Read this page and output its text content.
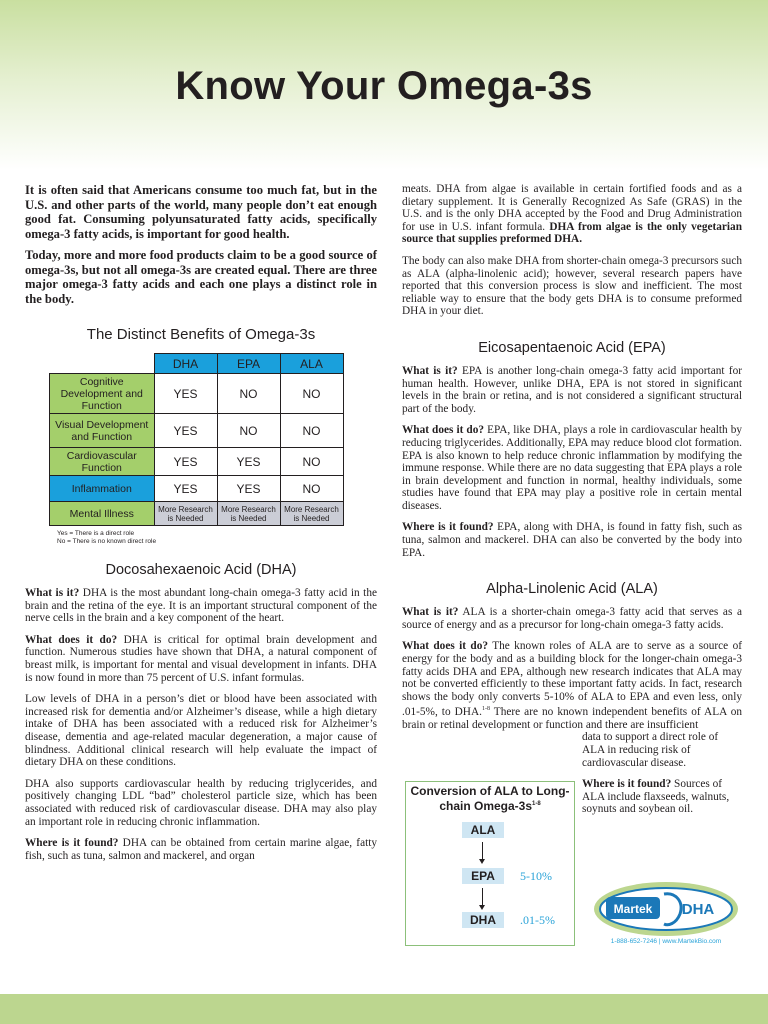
Know Your Omega-3s

It is often said that Americans consume too much fat, but in the U.S. and other parts of the world, many people don’t eat enough good fat. Consuming polyunsaturated fatty acids, specifically omega-3 fatty acids, is important for good health.

Today, more and more food products claim to be a good source of omega-3s, but not all omega-3s are created equal. There are three major omega-3 fatty acids and each one plays a distinct role in the body.

The Distinct Benefits of Omega-3s
	DHA	EPA	ALA
Cognitive Development and Function	YES	NO	NO
Visual Development and Function	YES	NO	NO
Cardiovascular Function	YES	YES	NO
Inflammation	YES	YES	NO
Mental Illness	More Research is Needed	More Research is Needed	More Research is Needed
Yes = There is a direct role
No = There is no known direct role
Docosahexaenoic Acid (DHA)

What is it? DHA is the most abundant long-chain omega-3 fatty acid in the brain and the retina of the eye. It is an important structural component of the nerve cells in the brain and a key component of the heart.

What does it do? DHA is critical for optimal brain development and function. Numerous studies have shown that DHA, a natural component of breast milk, is important for mental and visual development in infants. DHA is now found in more than 75 percent of U.S. infant formulas.

Low levels of DHA in a person’s diet or blood have been associated with increased risk for dementia and/or Alzheimer’s disease, while a high dietary intake of DHA has been associated with a reduced risk for Alzheimer’s disease, dementia and age-related macular degeneration, a major cause of blindness. Additional clinical research will help evaluate the impact of dietary DHA on these conditions.

DHA also supports cardiovascular health by reducing triglycerides, and positively changing LDL “bad” cholesterol particle size, which has been associated with reduced risk of cardiovascular disease. DHA may also play an important role in reducing chronic inflammation.

Where is it found? DHA can be obtained from certain marine algae, fatty fish, such as tuna, salmon and mackerel, and organ

meats. DHA from algae is available in certain fortified foods and as a dietary supplement. It is Generally Recognized As Safe (GRAS) in the U.S. and is the only DHA accepted by the Food and Drug Administration for use in U.S. infant formula. DHA from algae is the only vegetarian source that supplies preformed DHA.

The body can also make DHA from shorter-chain omega-3 precursors such as ALA (alpha-linolenic acid); however, several research papers have reported that this conversion process is slow and inefficient. The most reliable way to ensure that the body gets DHA is to consume preformed DHA in your diet.

Eicosapentaenoic Acid (EPA)

What is it? EPA is another long-chain omega-3 fatty acid important for human health. However, unlike DHA, EPA is not stored in significant levels in the brain or retina, and is not considered a significant structural part of the body.

What does it do? EPA, like DHA, plays a role in cardiovascular health by reducing triglycerides. Additionally, EPA may reduce blood clot formation. EPA is also known to help reduce chronic inflammation by modifying the immune response. While there are no data suggesting that EPA plays a role in brain development and function in normal, healthy individuals, some studies have found that EPA may play a positive role in certain mental diseases.

Where is it found? EPA, along with DHA, is found in fatty fish, such as tuna, salmon and mackerel. DHA can also be converted by the body into EPA.

Alpha-Linolenic Acid (ALA)

What is it? ALA is a shorter-chain omega-3 fatty acid that serves as a source of energy and as a precursor for long-chain omega-3 fatty acids.

What does it do? The known roles of ALA are to serve as a source of energy for the body and as a building block for the longer-chain omega-3 fatty acids DHA and EPA, although new research indicates that ALA may not be converted efficiently to these important fatty acids. In fact, research shows the body only converts 5-10% of ALA to EPA and even less, only .01-5%, to DHA.$^{1-8}$ There are no known independent benefits of ALA on brain or retinal development or function and there are insufficient

data to support a direct role of ALA in reducing risk of cardiovascular disease.

Where is it found? Sources of ALA include flaxseeds, walnuts, soynuts and soybean oil.

Conversion of ALA to Long-chain Omega-$3s^{1-8}$
ALA
EPA	5-10%
DHA	.01-5%
Martek DHA
1-888-652-7246 | www.MartekBio.com
